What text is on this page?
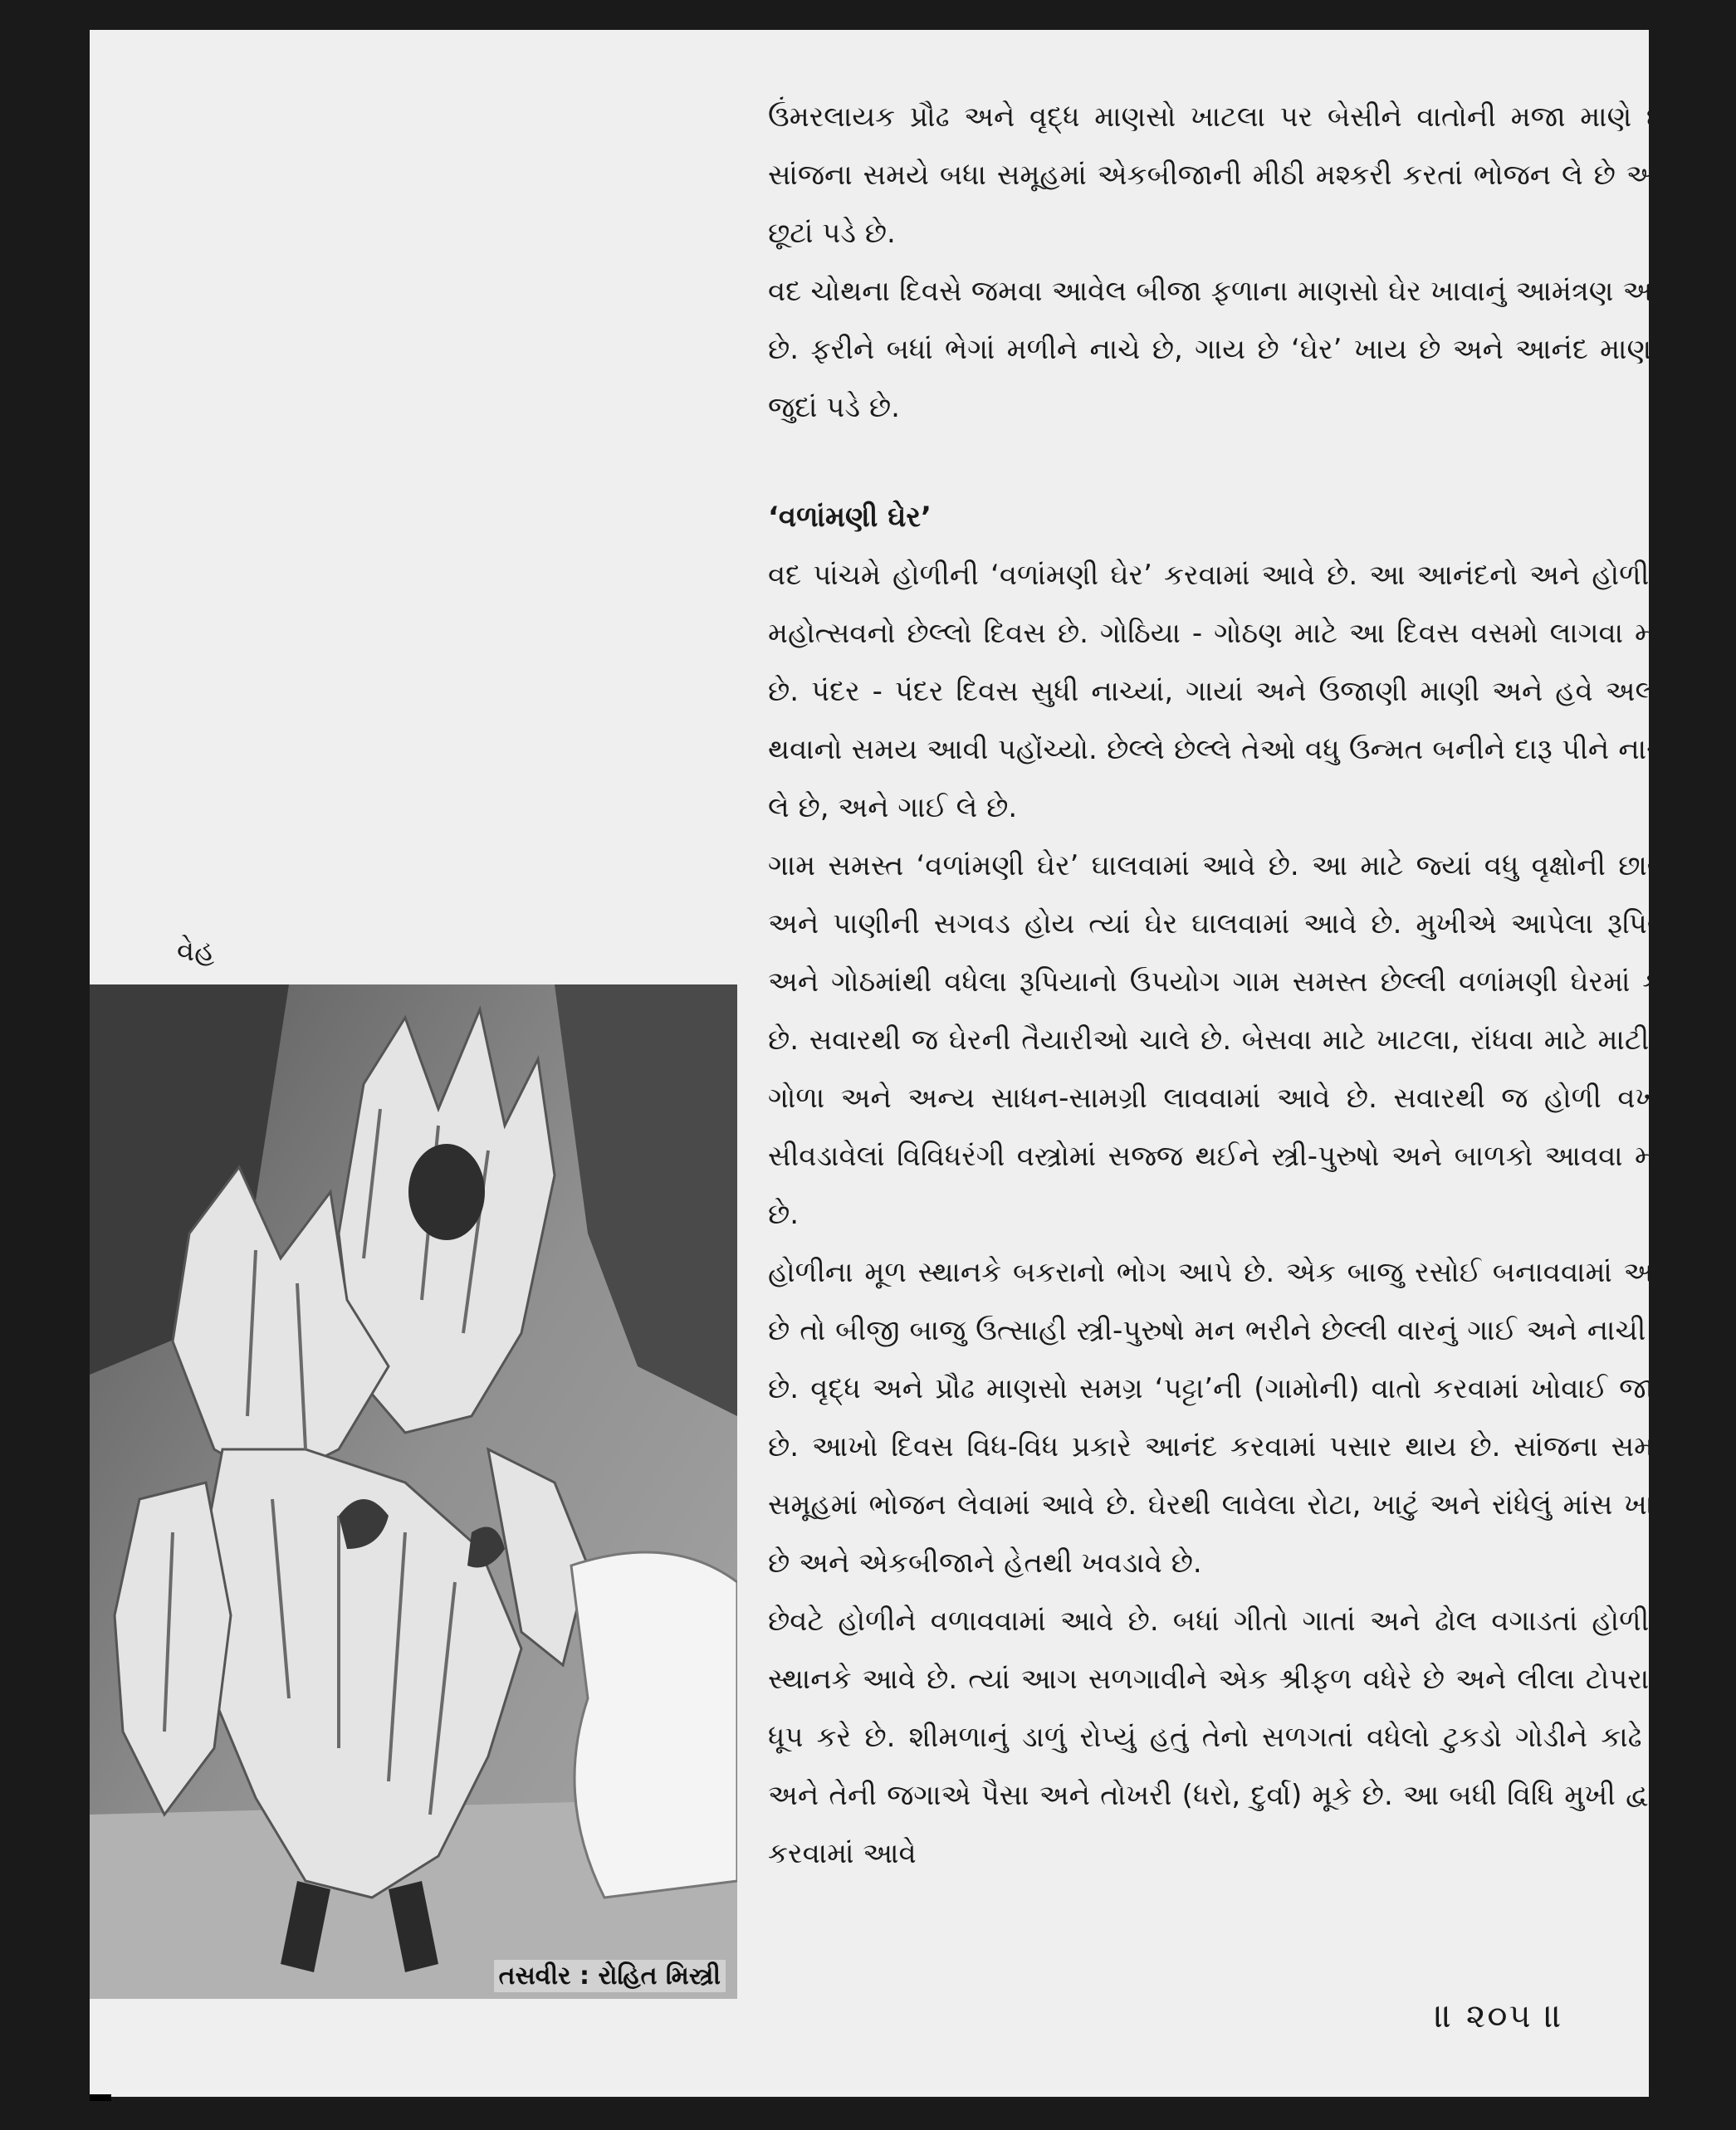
ઉંમરલાયક પ્રૌઢ અને વૃદ્ધ માણસો ખાટલા પર બેસીને વાતોની મજા માણે છે. સાંજના સમયે બધા સમૂહમાં એકબીજાની મીઠી મશ્કરી કરતાં ભોજન લે છે અને છૂટાં પડે છે.

વદ ચોથના દિવસે જમવા આવેલ બીજા ફળાના માણસો ઘેર ખાવાનું આમંત્રણ આપે છે. ફરીને બધાં ભેગાં મળીને નાચે છે, ગાય છે ‘ઘેર’ ખાય છે અને આનંદ માણતા જુદાં પડે છે.

‘વળાંમણી ઘેર’

વદ પાંચમે હોળીની ‘વળાંમણી ઘેર’ કરવામાં આવે છે. આ આનંદનો અને હોળીના મહોત્સવનો છેલ્લો દિવસ છે. ગોઠિયા - ગોઠણ માટે આ દિવસ વસમો લાગવા માંડે છે. પંદર - પંદર દિવસ સુધી નાચ્યાં, ગાયાં અને ઉજાણી માણી અને હવે અલગ થવાનો સમય આવી પહોંચ્યો. છેલ્લે છેલ્લે તેઓ વધુ ઉન્મત બનીને દારૂ પીને નાચી લે છે, અને ગાઈ લે છે.

ગામ સમસ્ત ‘વળાંમણી ઘેર’ ઘાલવામાં આવે છે. આ માટે જ્યાં વધુ વૃક્ષોની છાયા અને પાણીની સગવડ હોય ત્યાં ઘેર ઘાલવામાં આવે છે. મુખીએ આપેલા રૂપિયા અને ગોઠમાંથી વધેલા રૂપિયાનો ઉપયોગ ગામ સમસ્ત છેલ્લી વળાંમણી ઘેરમાં કરે છે. સવારથી જ ઘેરની તૈયારીઓ ચાલે છે. બેસવા માટે ખાટલા, રાંધવા માટે માટીના ગોળા અને અન્ય સાધન-સામગ્રી લાવવામાં આવે છે. સવારથી જ હોળી વખતે સીવડાવેલાં વિવિધરંગી વસ્ત્રોમાં સજ્જ થઈને સ્ત્રી-પુરુષો અને બાળકો આવવા માંડે છે.

હોળીના મૂળ સ્થાનકે બકરાનો ભોગ આપે છે. એક બાજુ રસોઈ બનાવવામાં આવે છે તો બીજી બાજુ ઉત્સાહી સ્ત્રી-પુરુષો મન ભરીને છેલ્લી વારનું ગાઈ અને નાચી લે છે. વૃદ્ધ અને પ્રૌઢ માણસો સમગ્ર ‘પટ્ટા’ની (ગામોની) વાતો કરવામાં ખોવાઈ જાય છે. આખો દિવસ વિધ-વિધ પ્રકારે આનંદ કરવામાં પસાર થાય છે. સાંજના સમયે સમૂહમાં ભોજન લેવામાં આવે છે. ઘેરથી લાવેલા રોટા, ખાટું અને રાંધેલું માંસ ખાય છે અને એકબીજાને હેતથી ખવડાવે છે.

છેવટે હોળીને વળાવવામાં આવે છે. બધાં ગીતો ગાતાં અને ઢોલ વગાડતાં હોળીના સ્થાનકે આવે છે. ત્યાં આગ સળગાવીને એક શ્રીફળ વધેરે છે અને લીલા ટોપરાનો ધૂપ કરે છે. શીમળાનું ડાળું રોપ્યું હતું તેનો સળગતાં વધેલો ટુકડો ગોડીને કાઢે છે અને તેની જગાએ પૈસા અને તોખરી (ધરો, દુર્વા) મૂકે છે. આ બધી વિધિ મુખી દ્વારા કરવામાં આવે

વેહ
તસવીર : રોહિત મિસ્ત્રી
॥ ૨૦૫ ॥
